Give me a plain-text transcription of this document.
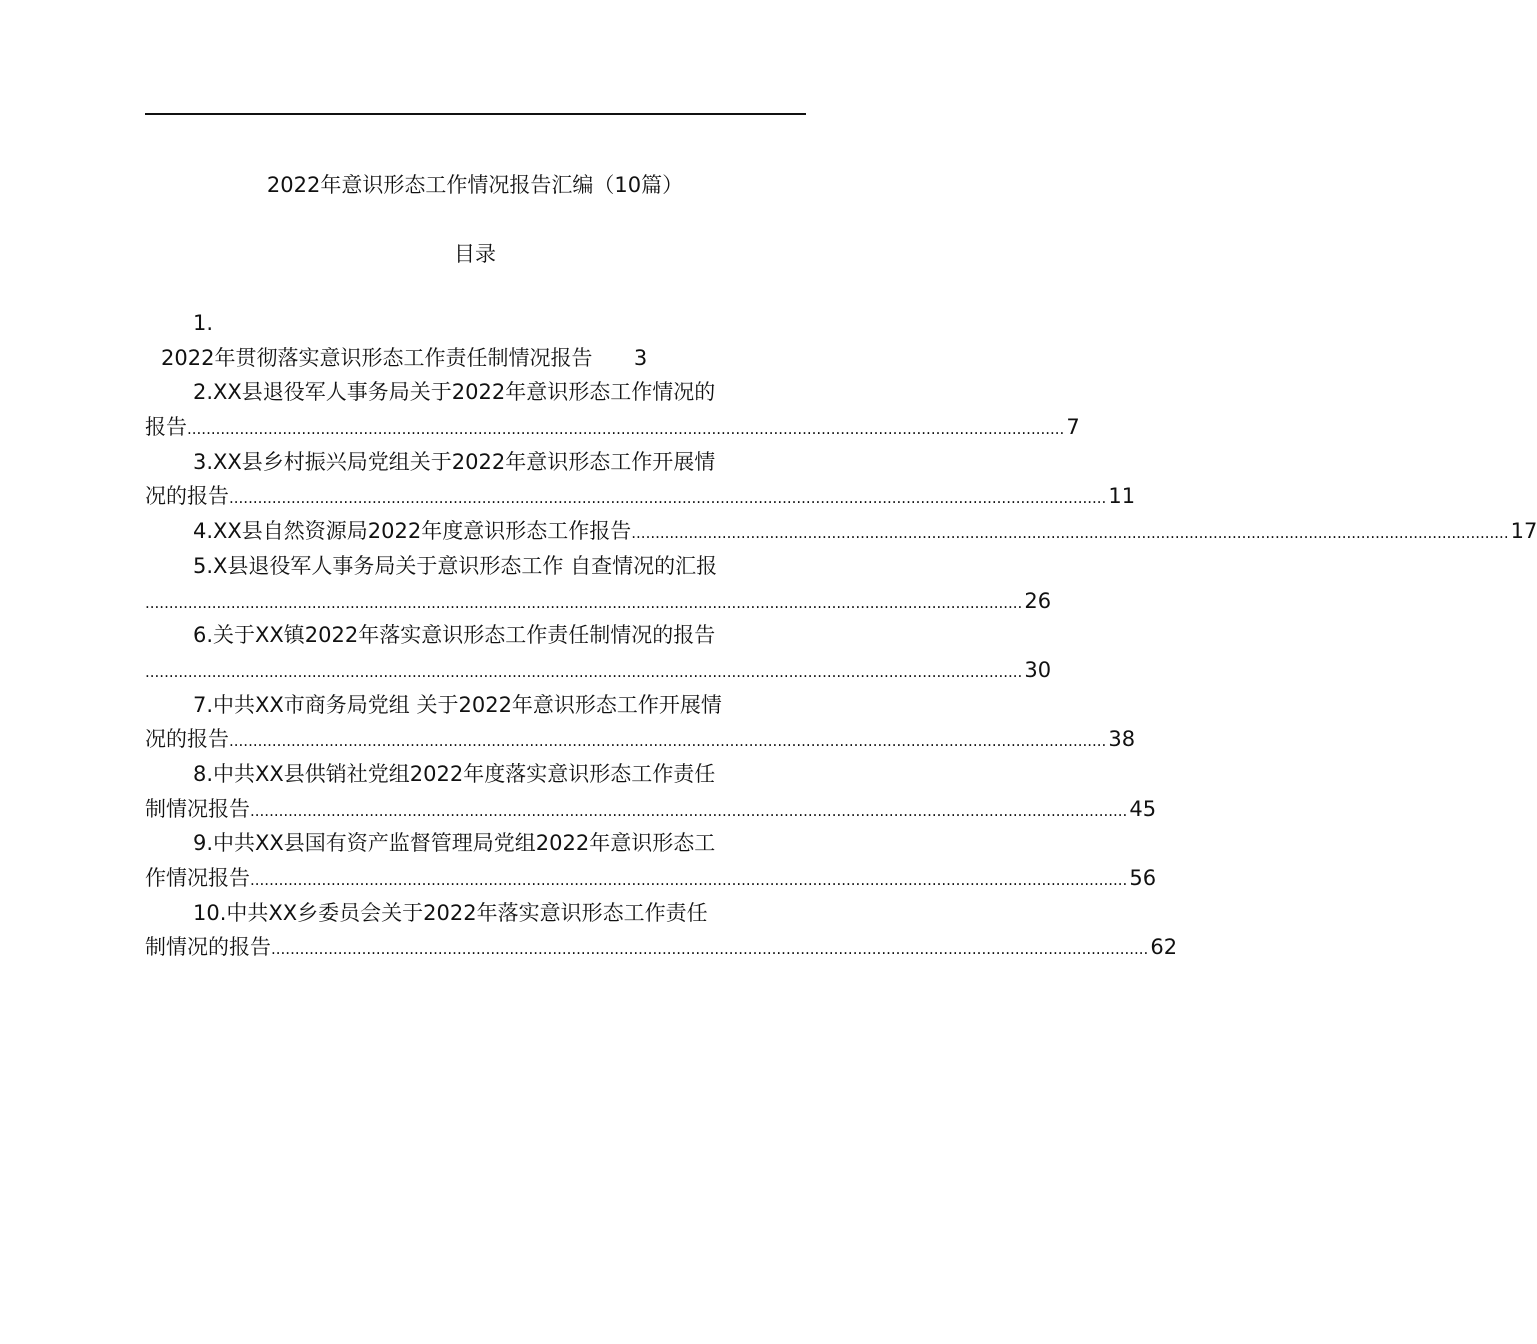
2022年意识形态工作情况报告汇编（10篇）
目录
1.
2022年贯彻落实意识形态工作责任制情况报告 3
2.XX县退役军人事务局关于2022年意识形态工作情况的
报告 ........................................................................................................................................................................................ 7
3.XX县乡村振兴局党组关于2022年意识形态工作开展情
况的报告 ........................................................................................................................................................................................ 11
4.XX县自然资源局2022年度意识形态工作报告 ........................................................................................................................................................................................ 17
5.X县退役军人事务局关于意识形态工作 自查情况的汇报
........................................................................................................................................................................................ 26
6.关于XX镇2022年落实意识形态工作责任制情况的报告
........................................................................................................................................................................................ 30
7.中共XX市商务局党组 关于2022年意识形态工作开展情
况的报告 ........................................................................................................................................................................................ 38
8.中共XX县供销社党组2022年度落实意识形态工作责任
制情况报告 ........................................................................................................................................................................................ 45
9.中共XX县国有资产监督管理局党组2022年意识形态工
作情况报告 ........................................................................................................................................................................................ 56
10.中共XX乡委员会关于2022年落实意识形态工作责任
制情况的报告 ........................................................................................................................................................................................ 62
